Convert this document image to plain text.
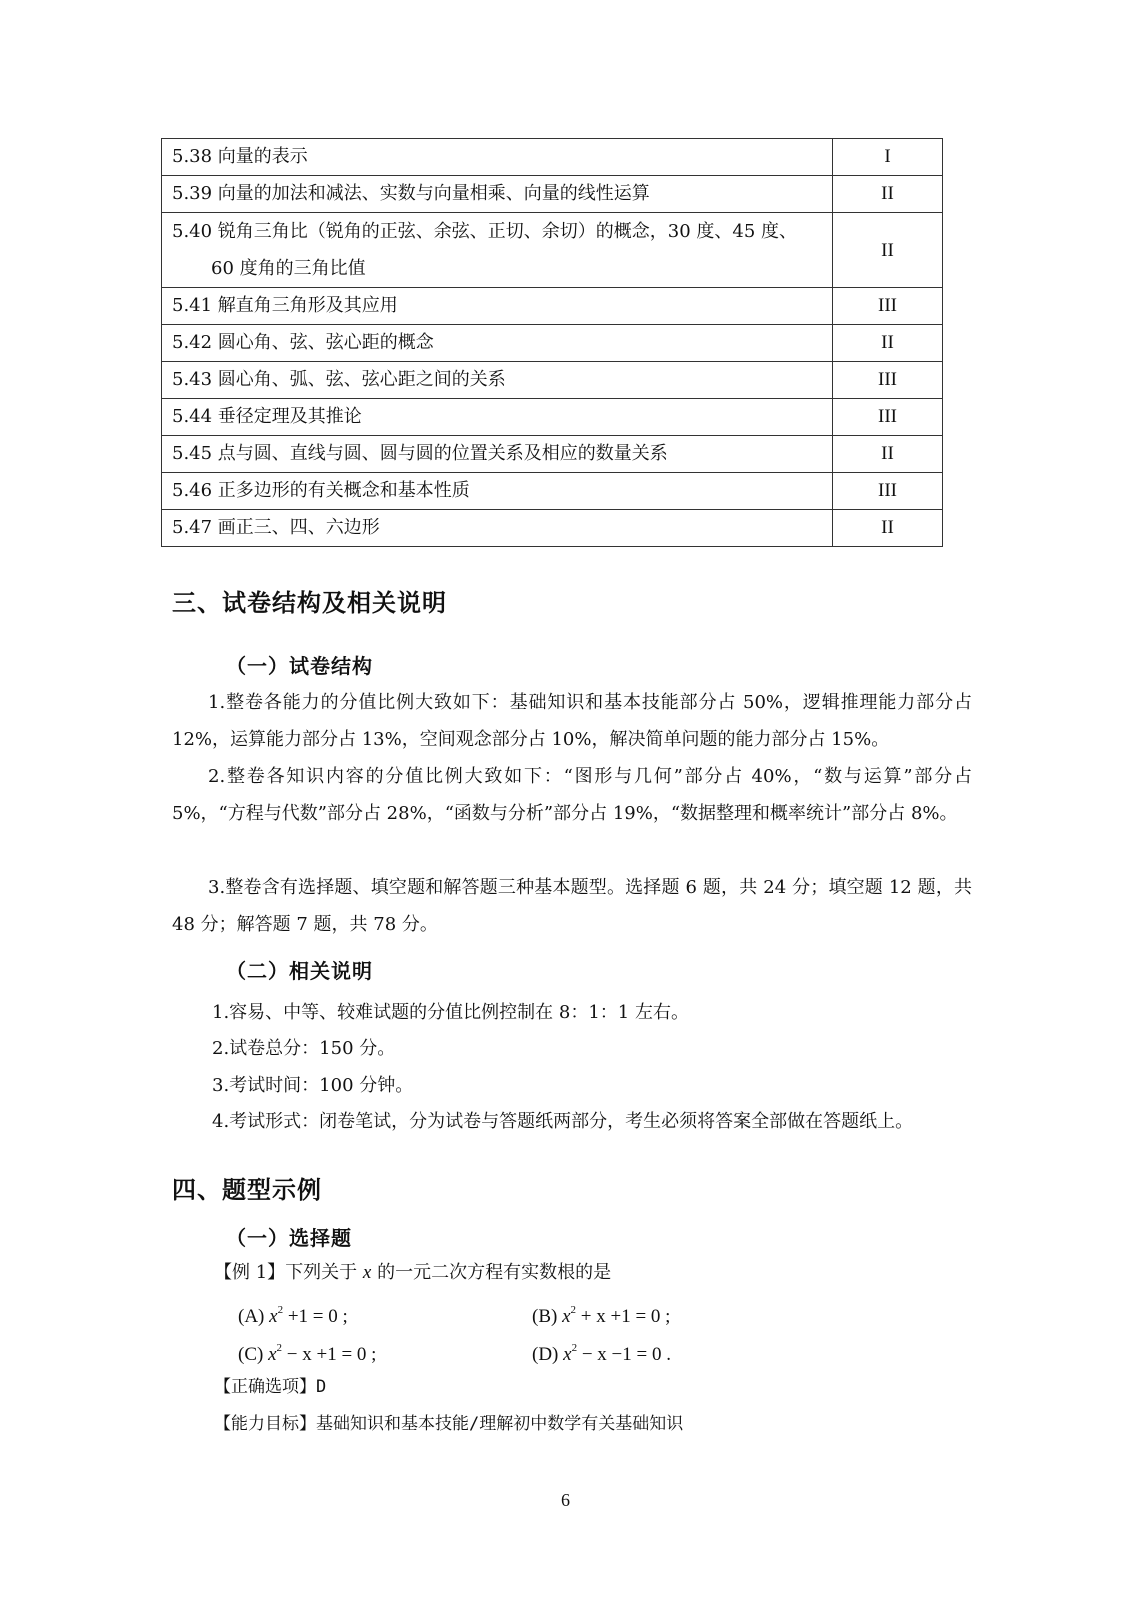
5.38 向量的表示	I
5.39 向量的加法和减法、实数与向量相乘、向量的线性运算	II
5.40 锐角三角比（锐角的正弦、余弦、正切、余切）的概念，30 度、45 度、
60 度角的三角比值	II
5.41 解直角三角形及其应用	III
5.42 圆心角、弦、弦心距的概念	II
5.43 圆心角、弧、弦、弦心距之间的关系	III
5.44 垂径定理及其推论	III
5.45 点与圆、直线与圆、圆与圆的位置关系及相应的数量关系	II
5.46 正多边形的有关概念和基本性质	III
5.47 画正三、四、六边形	II
三、试卷结构及相关说明
（一）试卷结构
1.整卷各能力的分值比例大致如下：基础知识和基本技能部分占 50%，逻辑推理能力部分占 12%，运算能力部分占 13%，空间观念部分占 10%，解决简单问题的能力部分占 15%。
2.整卷各知识内容的分值比例大致如下：“图形与几何”部分占 40%，“数与运算”部分占 5%，“方程与代数”部分占 28%，“函数与分析”部分占 19%，“数据整理和概率统计”部分占 8%。
3.整卷含有选择题、填空题和解答题三种基本题型。选择题 6 题，共 24 分；填空题 12 题，共 48 分；解答题 7 题，共 78 分。
（二）相关说明
1.容易、中等、较难试题的分值比例控制在 8：1：1 左右。
2.试卷总分：150 分。
3.考试时间：100 分钟。
4.考试形式：闭卷笔试，分为试卷与答题纸两部分，考生必须将答案全部做在答题纸上。
四、题型示例
（一）选择题
【例 1】下列关于 x 的一元二次方程有实数根的是
(A) $x^2 +1 = 0$ ;	(B) $x^2 + x +1 = 0$ ;
(C) $x^2 - x +1 = 0$ ;	(D) $x^2 - x -1 = 0$ .
【正确选项】D
【能力目标】基础知识和基本技能/理解初中数学有关基础知识
6
